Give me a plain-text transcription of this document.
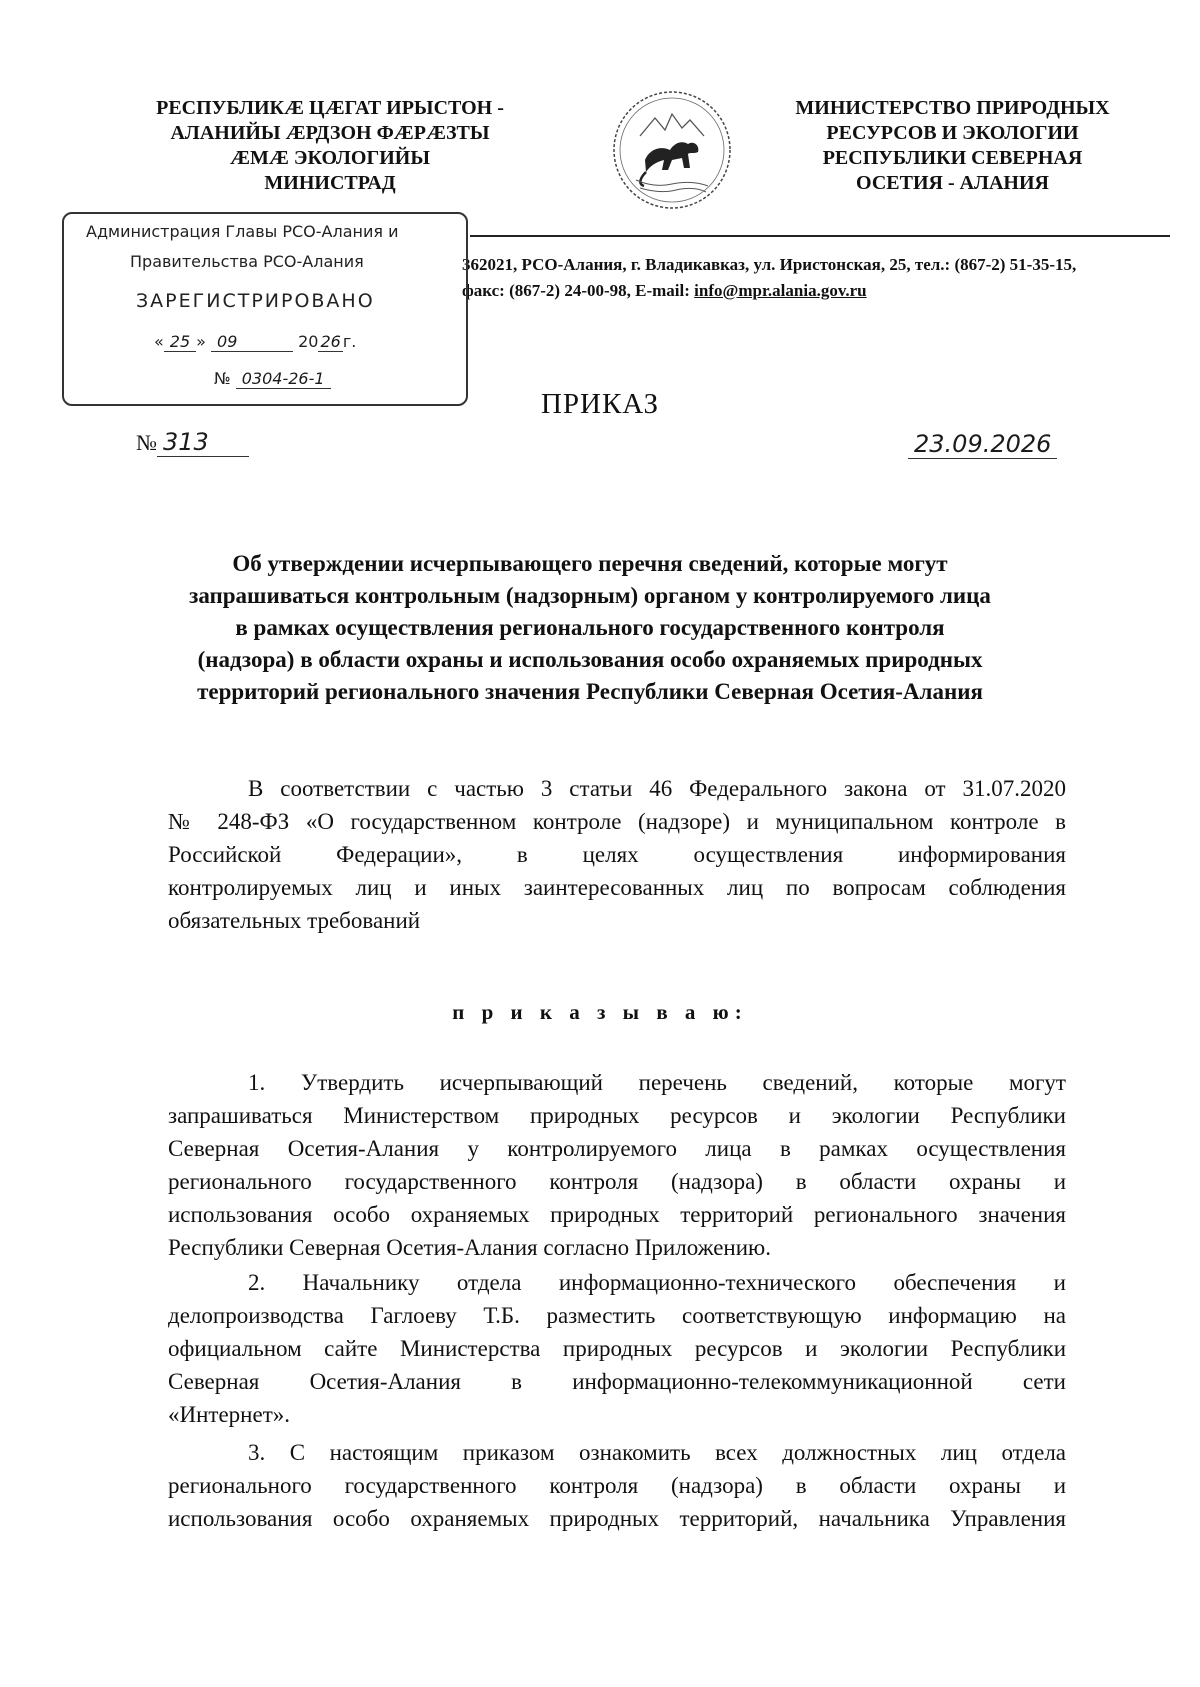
РЕСПУБЛИКÆ ЦÆГАТ ИРЫСТОН -
АЛАНИЙЫ ÆРДЗОН ФÆРÆЗТЫ
ÆМÆ ЭКОЛОГИЙЫ
МИНИСТРАД
МИНИСТЕРСТВО ПРИРОДНЫХ
РЕСУРСОВ И ЭКОЛОГИИ
РЕСПУБЛИКИ СЕВЕРНАЯ
ОСЕТИЯ - АЛАНИЯ
362021, РСО-Алания, г. Владикавказ, ул. Иристонская, 25, тел.: (867-2) 51-35-15,
факс: (867-2) 24-00-98, E-mail: info@mpr.alania.gov.ru
Администрация Главы РСО-Алания и
Правительства РСО-Алания
ЗАРЕГИСТРИРОВАНО
« 25 » 09	20 26 г.
№ 0304-26-1
ПРИКАЗ
№ 313	23.09.2026
Об утверждении исчерпывающего перечня сведений, которые могут
запрашиваться контрольным (надзорным) органом у контролируемого лица
в рамках осуществления регионального государственного контроля
(надзора) в области охраны и использования особо охраняемых природных
территорий регионального значения Республики Северная Осетия-Алания
В соответствии с частью 3 статьи 46 Федерального закона от 31.07.2020
№ 248-ФЗ «О государственном контроле (надзоре) и муниципальном контроле в
Российской Федерации», в целях осуществления информирования
контролируемых лиц и иных заинтересованных лиц по вопросам соблюдения
обязательных требований
п р и к а з ы в а ю:
1. Утвердить исчерпывающий перечень сведений, которые могут
запрашиваться Министерством природных ресурсов и экологии Республики
Северная Осетия-Алания у контролируемого лица в рамках осуществления
регионального государственного контроля (надзора) в области охраны и
использования особо охраняемых природных территорий регионального значения
Республики Северная Осетия-Алания согласно Приложению.
2. Начальнику отдела информационно-технического обеспечения и
делопроизводства Гаглоеву Т.Б. разместить соответствующую информацию на
официальном сайте Министерства природных ресурсов и экологии Республики
Северная Осетия-Алания в информационно-телекоммуникационной сети
«Интернет».
3. С настоящим приказом ознакомить всех должностных лиц отдела
регионального государственного контроля (надзора) в области охраны и
использования особо охраняемых природных территорий, начальника Управления
